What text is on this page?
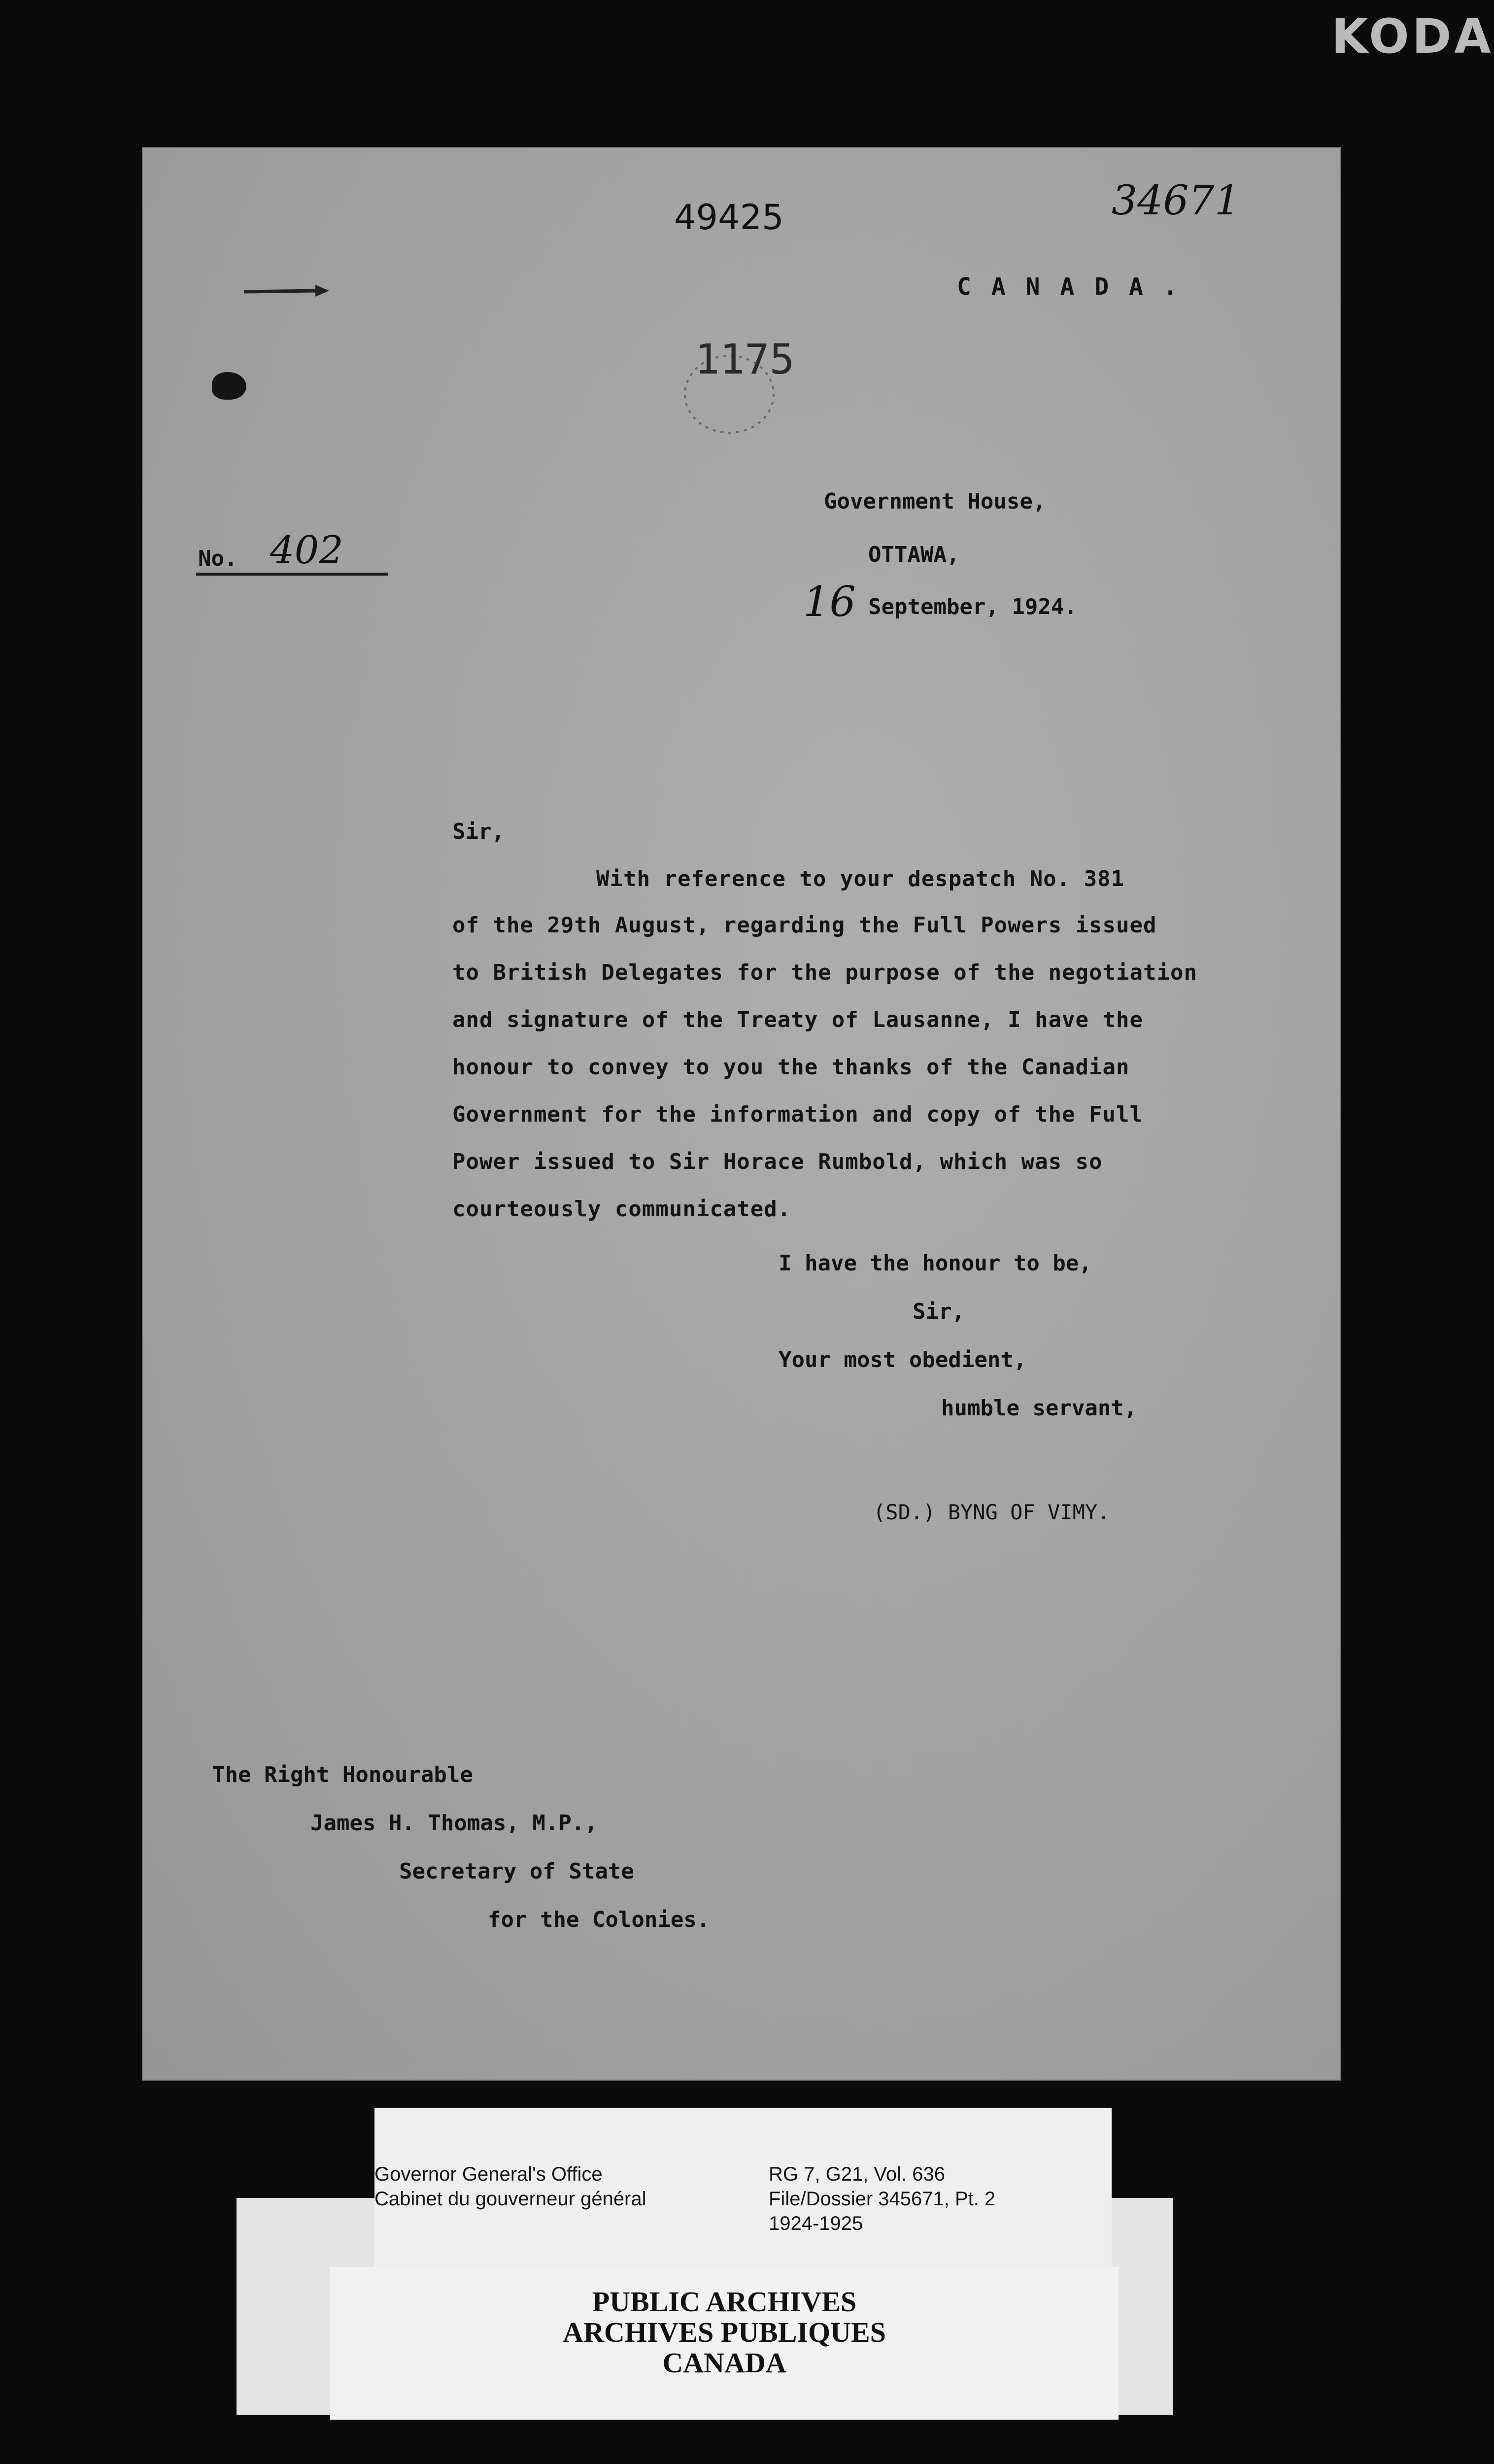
KODA
49425	34671
C A N A D A .
1175
Government House,
OTTAWA,
16 September, 1924.
No. 402
Sir,
With reference to your despatch No. 381
of the 29th August, regarding the Full Powers issued
to British Delegates for the purpose of the negotiation
and signature of the Treaty of Lausanne, I have the
honour to convey to you the thanks of the Canadian
Government for the information and copy of the Full
Power issued to Sir Horace Rumbold, which was so
courteously communicated.
I have the honour to be,
Sir,
Your most obedient,
humble servant,
(SD.) BYNG OF VIMY.
The Right Honourable
James H. Thomas, M.P.,
Secretary of State
for the Colonies.
Governor General's Office
Cabinet du gouverneur général
RG 7, G21, Vol. 636
File/Dossier 345671, Pt. 2
1924-1925
PUBLIC ARCHIVES
ARCHIVES PUBLIQUES
CANADA
